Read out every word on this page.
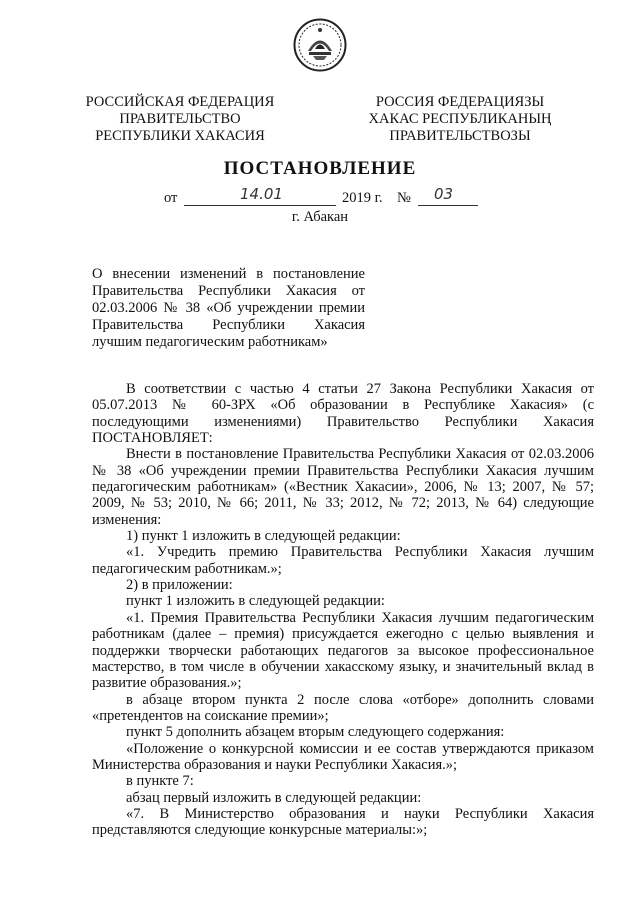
РОССИЙСКАЯ ФЕДЕРАЦИЯ
ПРАВИТЕЛЬСТВО
РЕСПУБЛИКИ ХАКАСИЯ
РОССИЯ ФЕДЕРАЦИЯЗЫ
ХАКАС РЕСПУБЛИКАНЫҢ
ПРАВИТЕЛЬСТВОЗЫ
ПОСТАНОВЛЕНИЕ
от	14.01	2019 г. № 03
г. Абакан
О внесении изменений в постановление Правительства Республики Хакасия от 02.03.2006 № 38 «Об учреждении премии Правительства Республики Хакасия лучшим педагогическим работникам»

В соответствии с частью 4 статьи 27 Закона Республики Хакасия от 05.07.2013 № 60-ЗРХ «Об образовании в Республике Хакасия» (с последующими изменениями) Правительство Республики Хакасия ПОСТАНОВЛЯЕТ:

Внести в постановление Правительства Республики Хакасия от 02.03.2006 № 38 «Об учреждении премии Правительства Республики Хакасия лучшим педагогическим работникам» («Вестник Хакасии», 2006, № 13; 2007, № 57; 2009, № 53; 2010, № 66; 2011, № 33; 2012, № 72; 2013, № 64) следующие изменения:

1) пункт 1 изложить в следующей редакции:

«1. Учредить премию Правительства Республики Хакасия лучшим педагогическим работникам.»;

2) в приложении:

пункт 1 изложить в следующей редакции:

«1. Премия Правительства Республики Хакасия лучшим педагогическим работникам (далее – премия) присуждается ежегодно с целью выявления и поддержки творчески работающих педагогов за высокое профессиональное мастерство, в том числе в обучении хакасскому языку, и значительный вклад в развитие образования.»;

в абзаце втором пункта 2 после слова «отборе» дополнить словами «претендентов на соискание премии»;

пункт 5 дополнить абзацем вторым следующего содержания:

«Положение о конкурсной комиссии и ее состав утверждаются приказом Министерства образования и науки Республики Хакасия.»;

в пункте 7:

абзац первый изложить в следующей редакции:

«7. В Министерство образования и науки Республики Хакасия представляются следующие конкурсные материалы:»;
